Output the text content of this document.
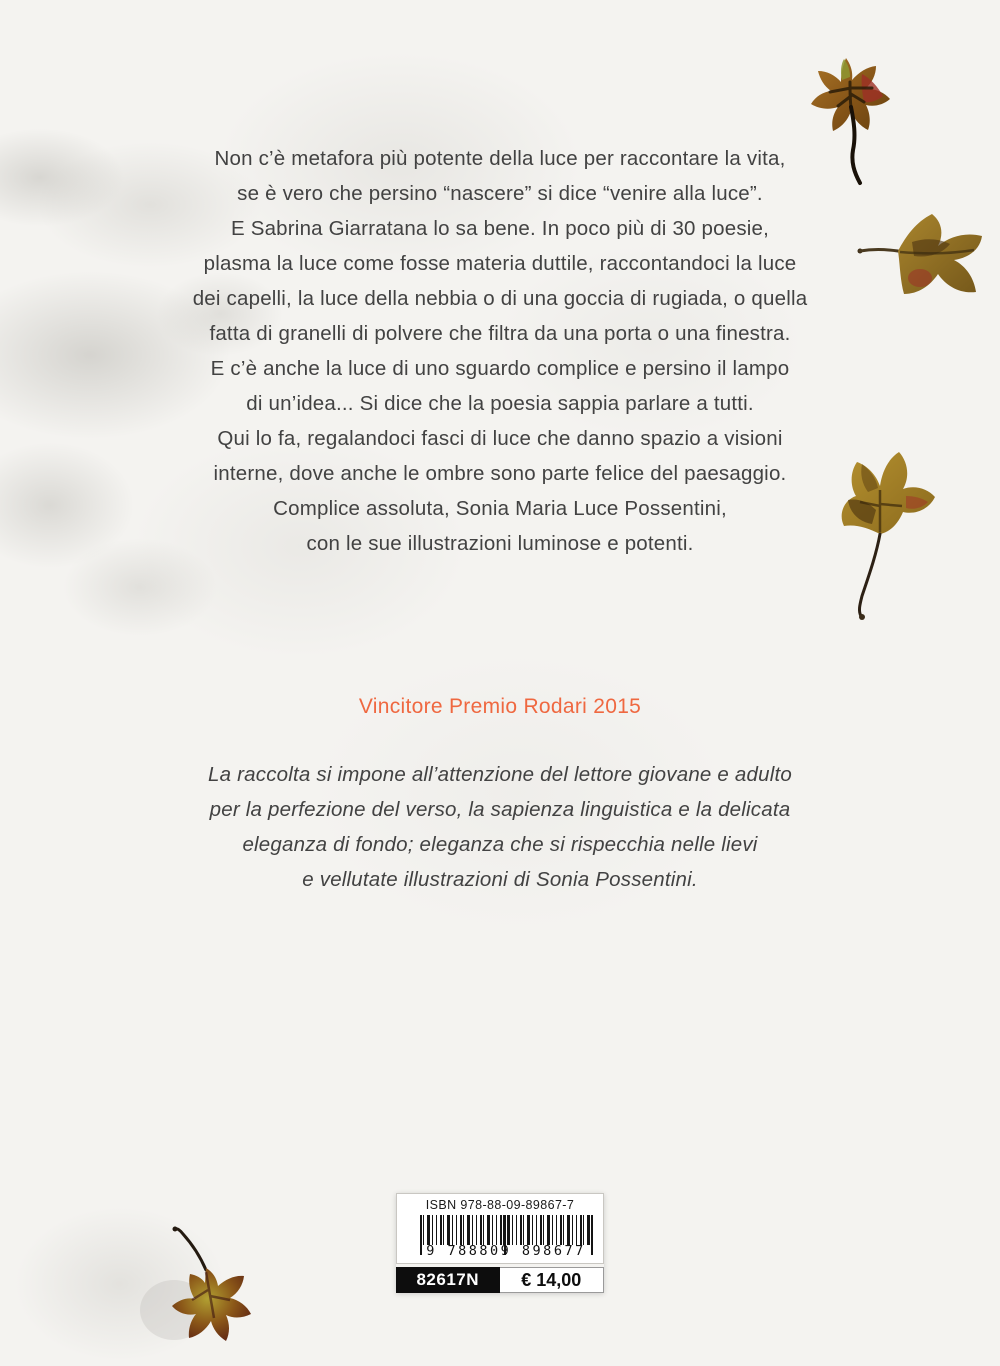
Non c’è metafora più potente della luce per raccontare la vita,
se è vero che persino “nascere” si dice “venire alla luce”.
E Sabrina Giarratana lo sa bene. In poco più di 30 poesie,
plasma la luce come fosse materia duttile, raccontandoci la luce
dei capelli, la luce della nebbia o di una goccia di rugiada, o quella
fatta di granelli di polvere che filtra da una porta o una finestra.
E c’è anche la luce di uno sguardo complice e persino il lampo
di un’idea... Si dice che la poesia sappia parlare a tutti.
Qui lo fa, regalandoci fasci di luce che danno spazio a visioni
interne, dove anche le ombre sono parte felice del paesaggio.
Complice assoluta, Sonia Maria Luce Possentini,
con le sue illustrazioni luminose e potenti.
Vincitore Premio Rodari 2015
La raccolta si impone all’attenzione del lettore giovane e adulto
per la perfezione del verso, la sapienza linguistica e la delicata
eleganza di fondo; eleganza che si rispecchia nelle lievi
e vellutate illustrazioni di Sonia Possentini.
ISBN 978-88-09-89867-7
9 788809 898677
82617N	€ 14,00
